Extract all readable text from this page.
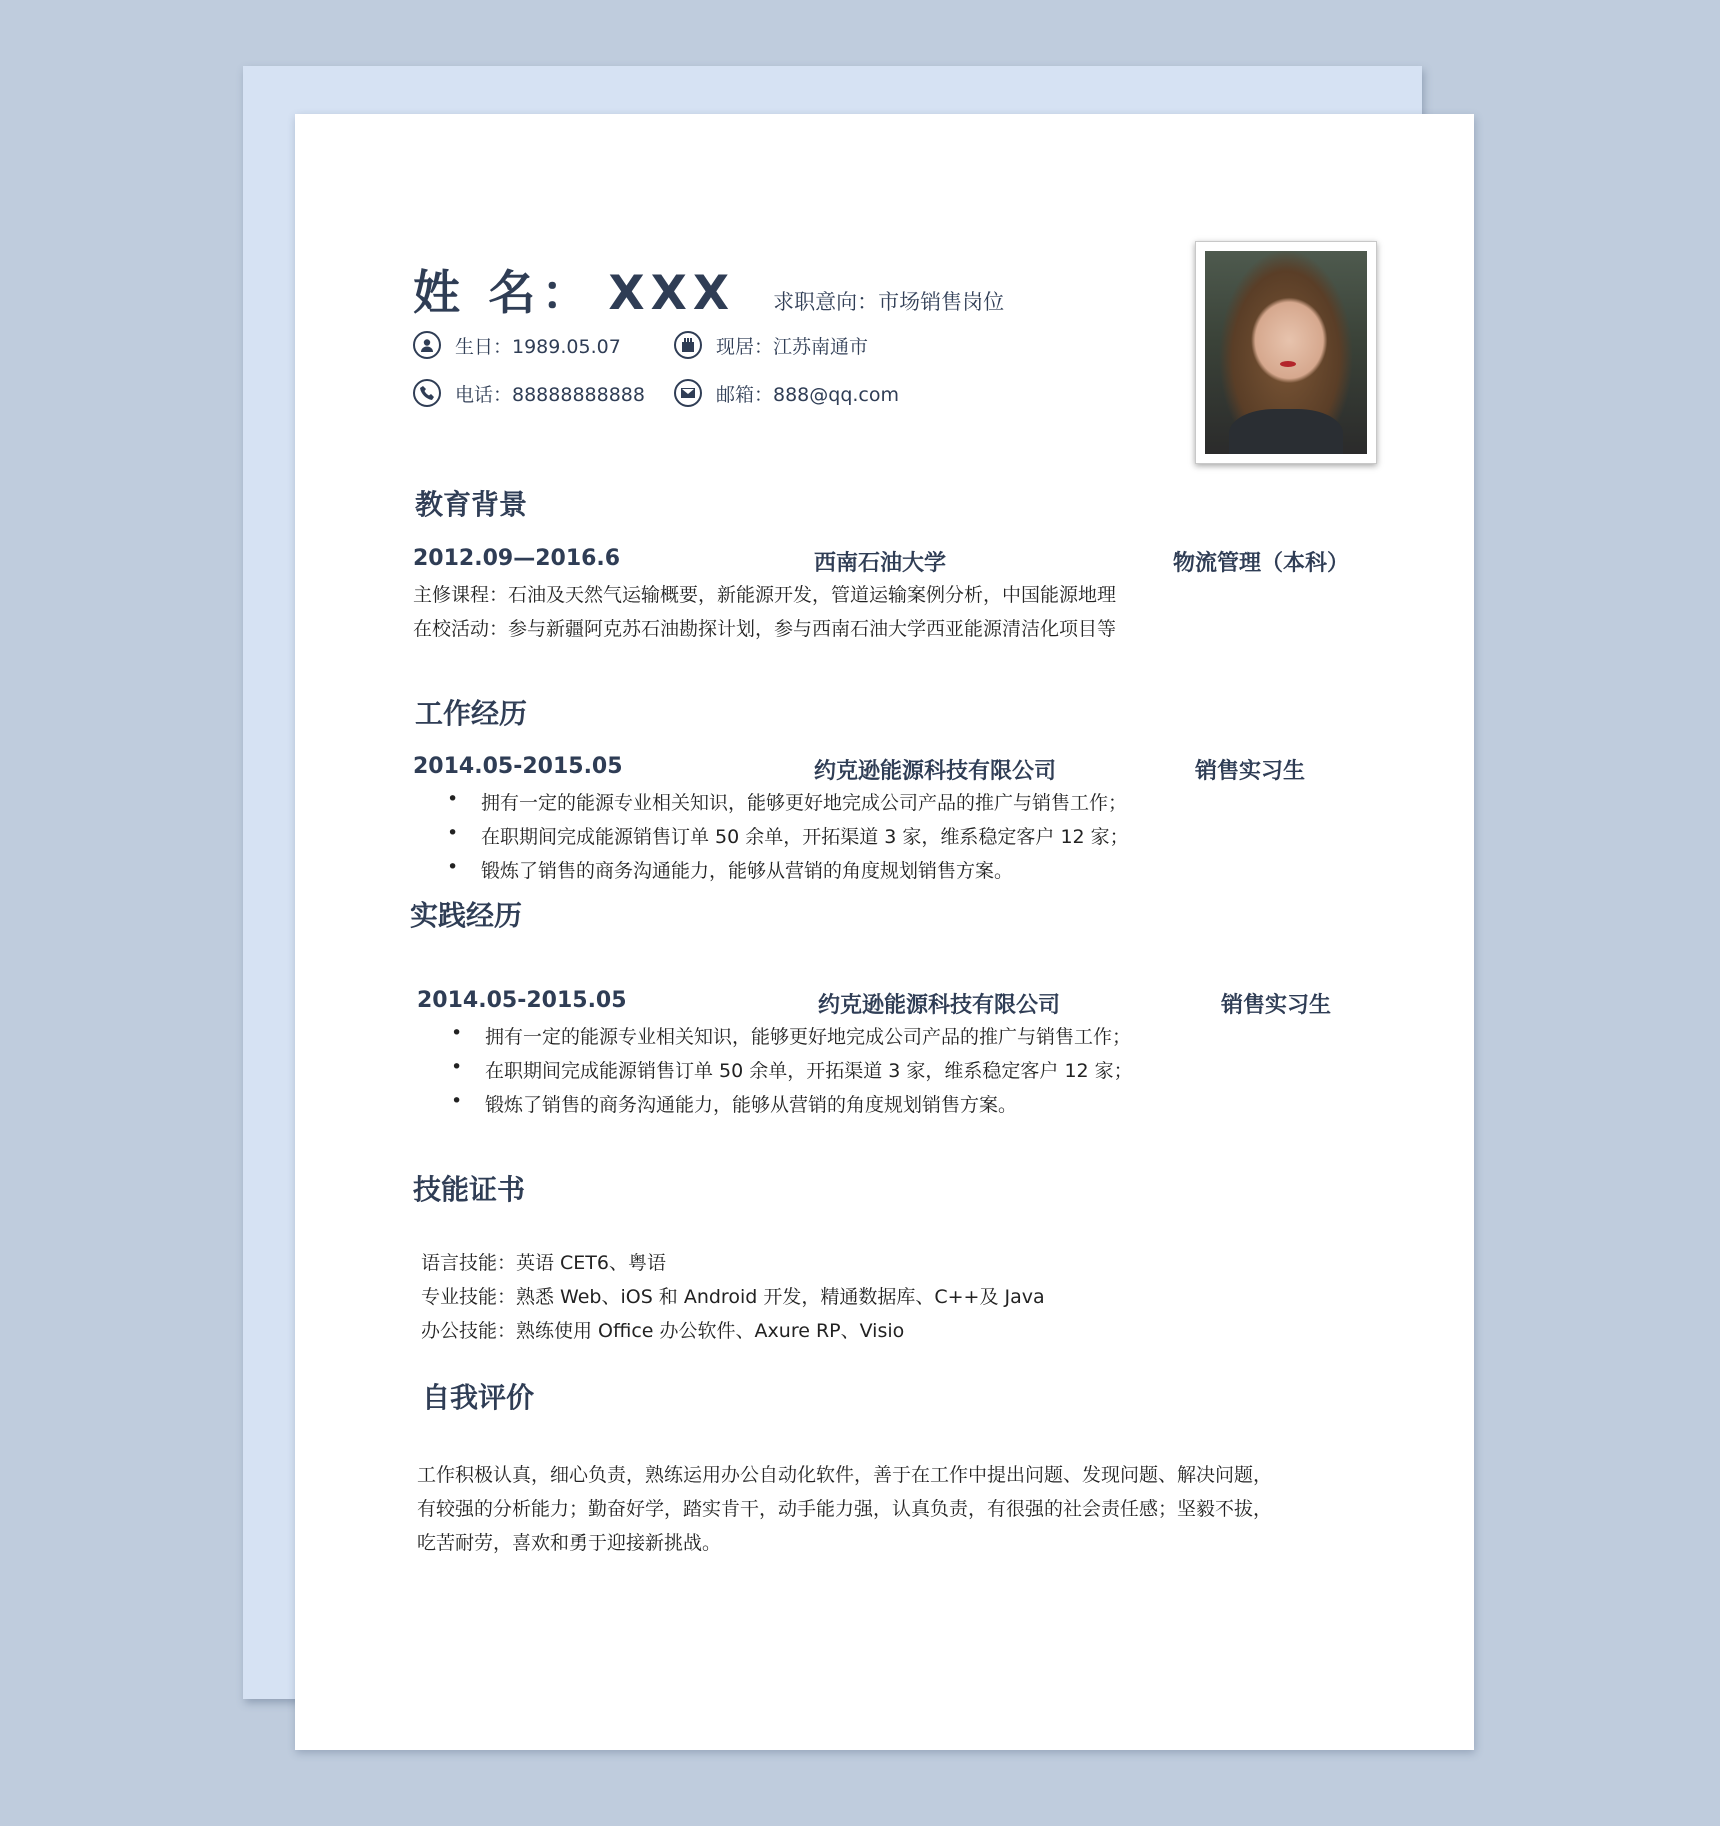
姓 名： XXX 求职意向：市场销售岗位
生日：1989.05.07	现居：江苏南通市
电话：88888888888	邮箱：888@qq.com
教育背景
2012.09—2016.6	西南石油大学	物流管理（本科）
主修课程：石油及天然气运输概要，新能源开发，管道运输案例分析，中国能源地理
在校活动：参与新疆阿克苏石油勘探计划，参与西南石油大学西亚能源清洁化项目等
工作经历
2014.05-2015.05	约克逊能源科技有限公司	销售实习生
•	拥有一定的能源专业相关知识，能够更好地完成公司产品的推广与销售工作；
•	在职期间完成能源销售订单 50 余单，开拓渠道 3 家，维系稳定客户 12 家；
•	锻炼了销售的商务沟通能力，能够从营销的角度规划销售方案。
实践经历
2014.05-2015.05	约克逊能源科技有限公司	销售实习生
•	拥有一定的能源专业相关知识，能够更好地完成公司产品的推广与销售工作；
•	在职期间完成能源销售订单 50 余单，开拓渠道 3 家，维系稳定客户 12 家；
•	锻炼了销售的商务沟通能力，能够从营销的角度规划销售方案。
技能证书
语言技能：英语 CET6、粤语
专业技能：熟悉 Web、iOS 和 Android 开发，精通数据库、C++及 Java
办公技能：熟练使用 Office 办公软件、Axure RP、Visio
自我评价
工作积极认真，细心负责，熟练运用办公自动化软件，善于在工作中提出问题、发现问题、解决问题，有较强的分析能力；勤奋好学，踏实肯干，动手能力强，认真负责，有很强的社会责任感；坚毅不拔，吃苦耐劳，喜欢和勇于迎接新挑战。
